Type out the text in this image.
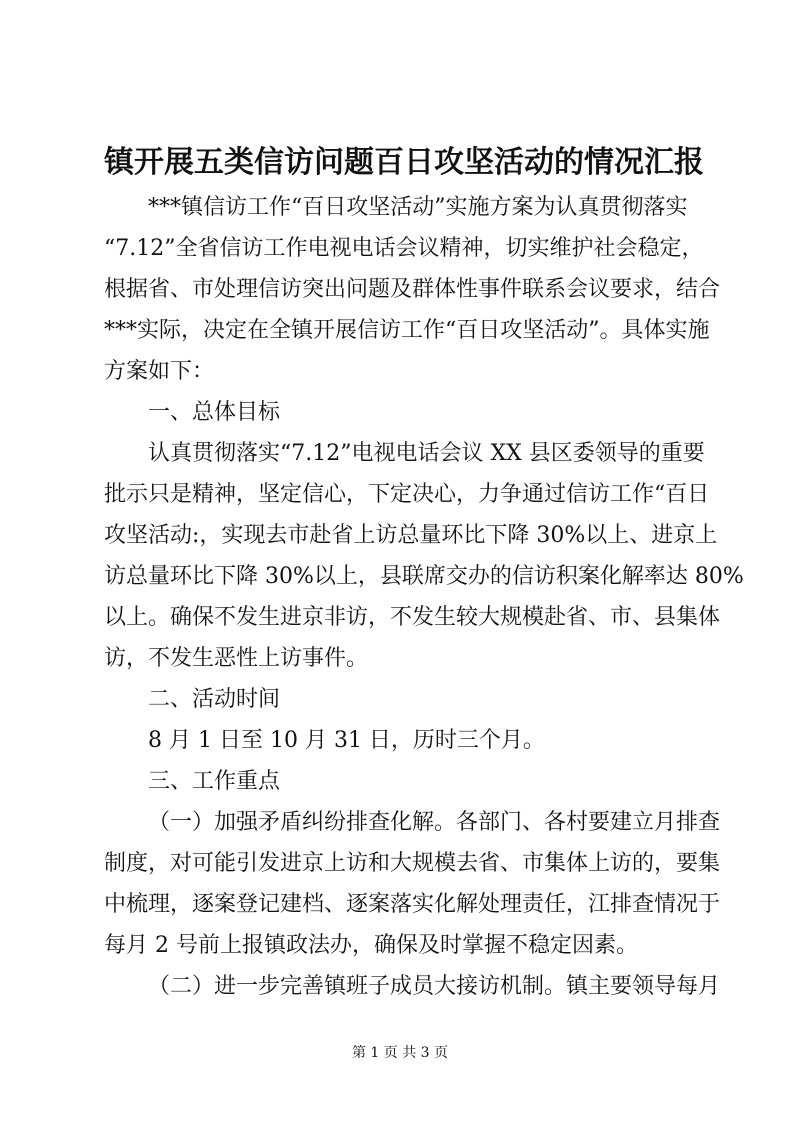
镇开展五类信访问题百日攻坚活动的情况汇报
***镇信访工作“百日攻坚活动”实施方案为认真贯彻落实
“7.12”全省信访工作电视电话会议精神，切实维护社会稳定，
根据省、市处理信访突出问题及群体性事件联系会议要求，结合
***实际，决定在全镇开展信访工作“百日攻坚活动”。具体实施
方案如下：
一、总体目标
认真贯彻落实“7.12”电视电话会议 XX 县区委领导的重要
批示只是精神，坚定信心，下定决心，力争通过信访工作“百日
攻坚活动:，实现去市赴省上访总量环比下降 30%以上、进京上
访总量环比下降 30%以上，县联席交办的信访积案化解率达 80%
以上。确保不发生进京非访，不发生较大规模赴省、市、县集体
访，不发生恶性上访事件。
二、活动时间
8 月 1 日至 10 月 31 日，历时三个月。
三、工作重点
（一）加强矛盾纠纷排查化解。各部门、各村要建立月排查
制度，对可能引发进京上访和大规模去省、市集体上访的，要集
中梳理，逐案登记建档、逐案落实化解处理责任，江排查情况于
每月 2 号前上报镇政法办，确保及时掌握不稳定因素。
（二）进一步完善镇班子成员大接访机制。镇主要领导每月
第 1 页 共 3 页
